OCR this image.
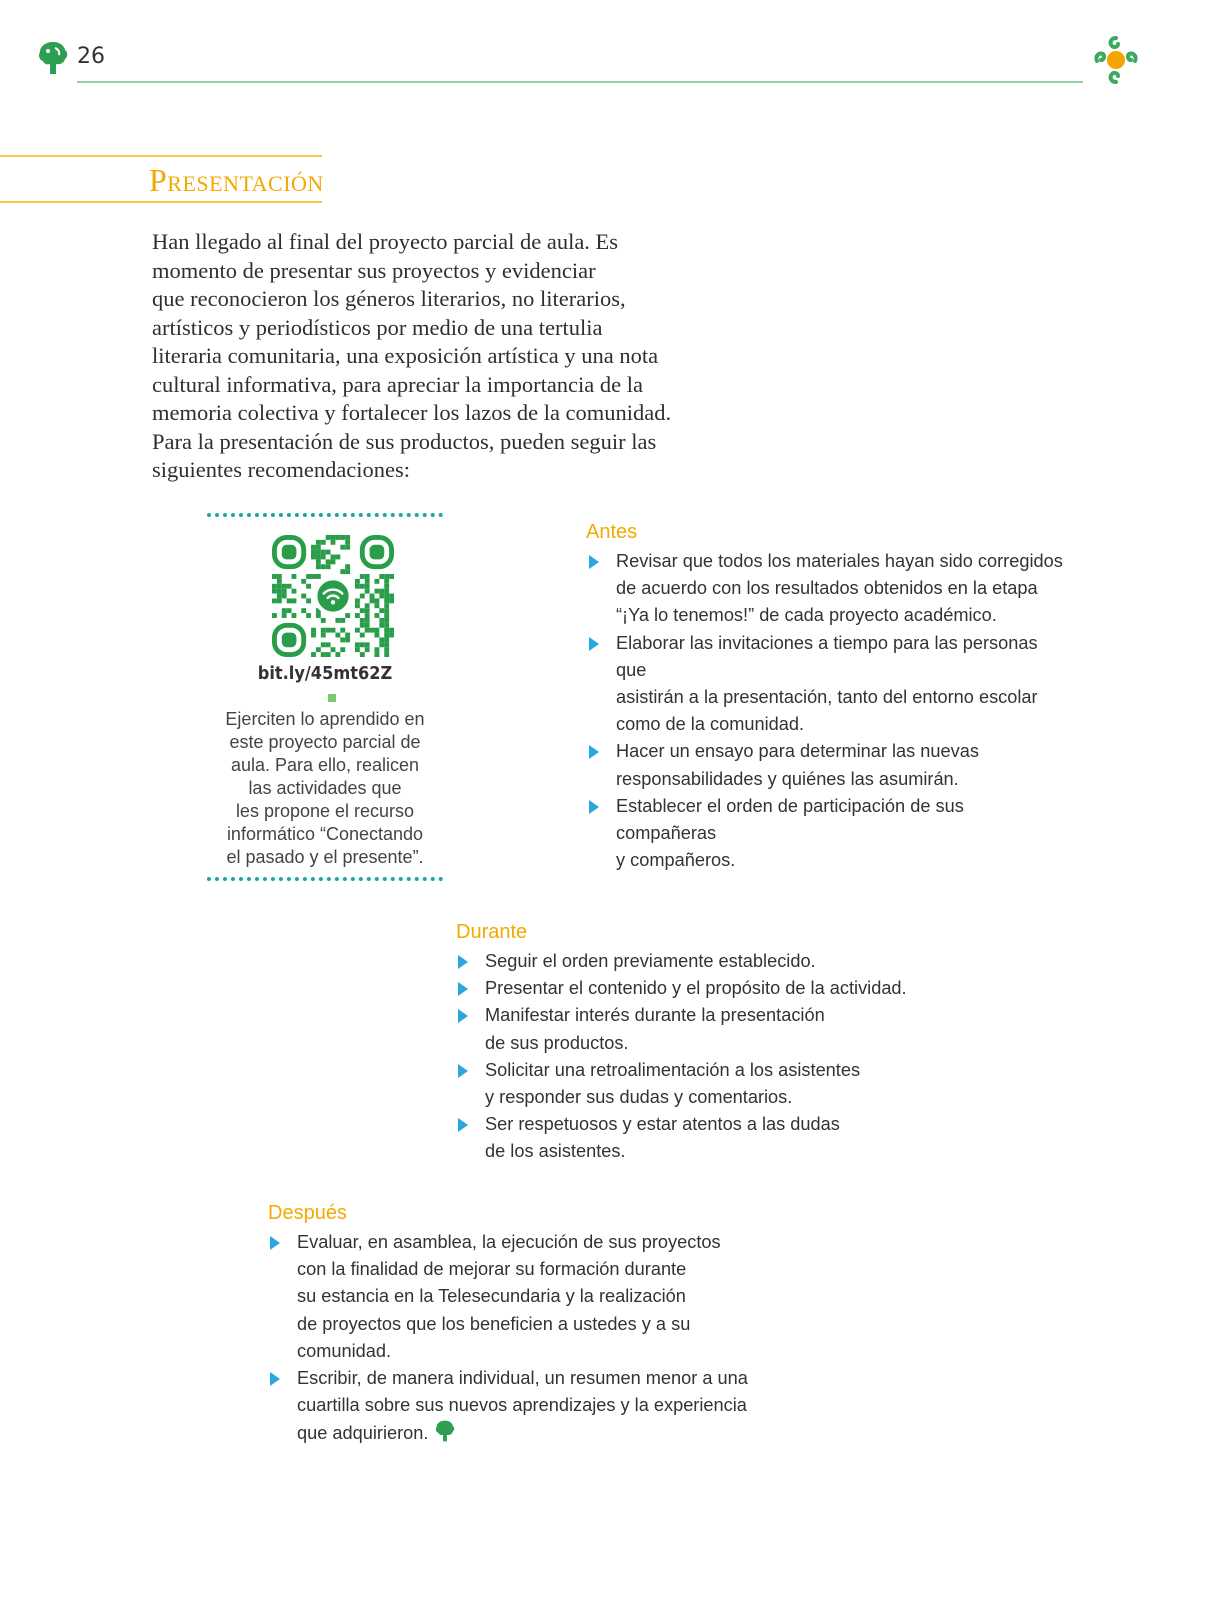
26
Presentación

Han llegado al final del proyecto parcial de aula. Es
momento de presentar sus proyectos y evidenciar
que reconocieron los géneros literarios, no literarios,
artísticos y periodísticos por medio de una tertulia
literaria comunitaria, una exposición artística y una nota
cultural informativa, para apreciar la importancia de la
memoria colectiva y fortalecer los lazos de la comunidad.
Para la presentación de sus productos, pueden seguir las
siguientes recomendaciones:

bit.ly/45mt62Z

Ejerciten lo aprendido en
este proyecto parcial de
aula. Para ello, realicen
las actividades que
les propone el recurso
informático “Conectando
el pasado y el presente”.

Antes
Revisar que todos los materiales hayan sido corregidos
de acuerdo con los resultados obtenidos en la etapa
“¡Ya lo tenemos!” de cada proyecto académico.
Elaborar las invitaciones a tiempo para las personas que
asistirán a la presentación, tanto del entorno escolar
como de la comunidad.
Hacer un ensayo para determinar las nuevas
responsabilidades y quiénes las asumirán.
Establecer el orden de participación de sus compañeras
y compañeros.
Durante
Seguir el orden previamente establecido.
Presentar el contenido y el propósito de la actividad.
Manifestar interés durante la presentación
de sus productos.
Solicitar una retroalimentación a los asistentes
y responder sus dudas y comentarios.
Ser respetuosos y estar atentos a las dudas
de los asistentes.
Después
Evaluar, en asamblea, la ejecución de sus proyectos
con la finalidad de mejorar su formación durante
su estancia en la Telesecundaria y la realización
de proyectos que los beneficien a ustedes y a su
comunidad.
Escribir, de manera individual, un resumen menor a una
cuartilla sobre sus nuevos aprendizajes y la experiencia
que adquirieron.
